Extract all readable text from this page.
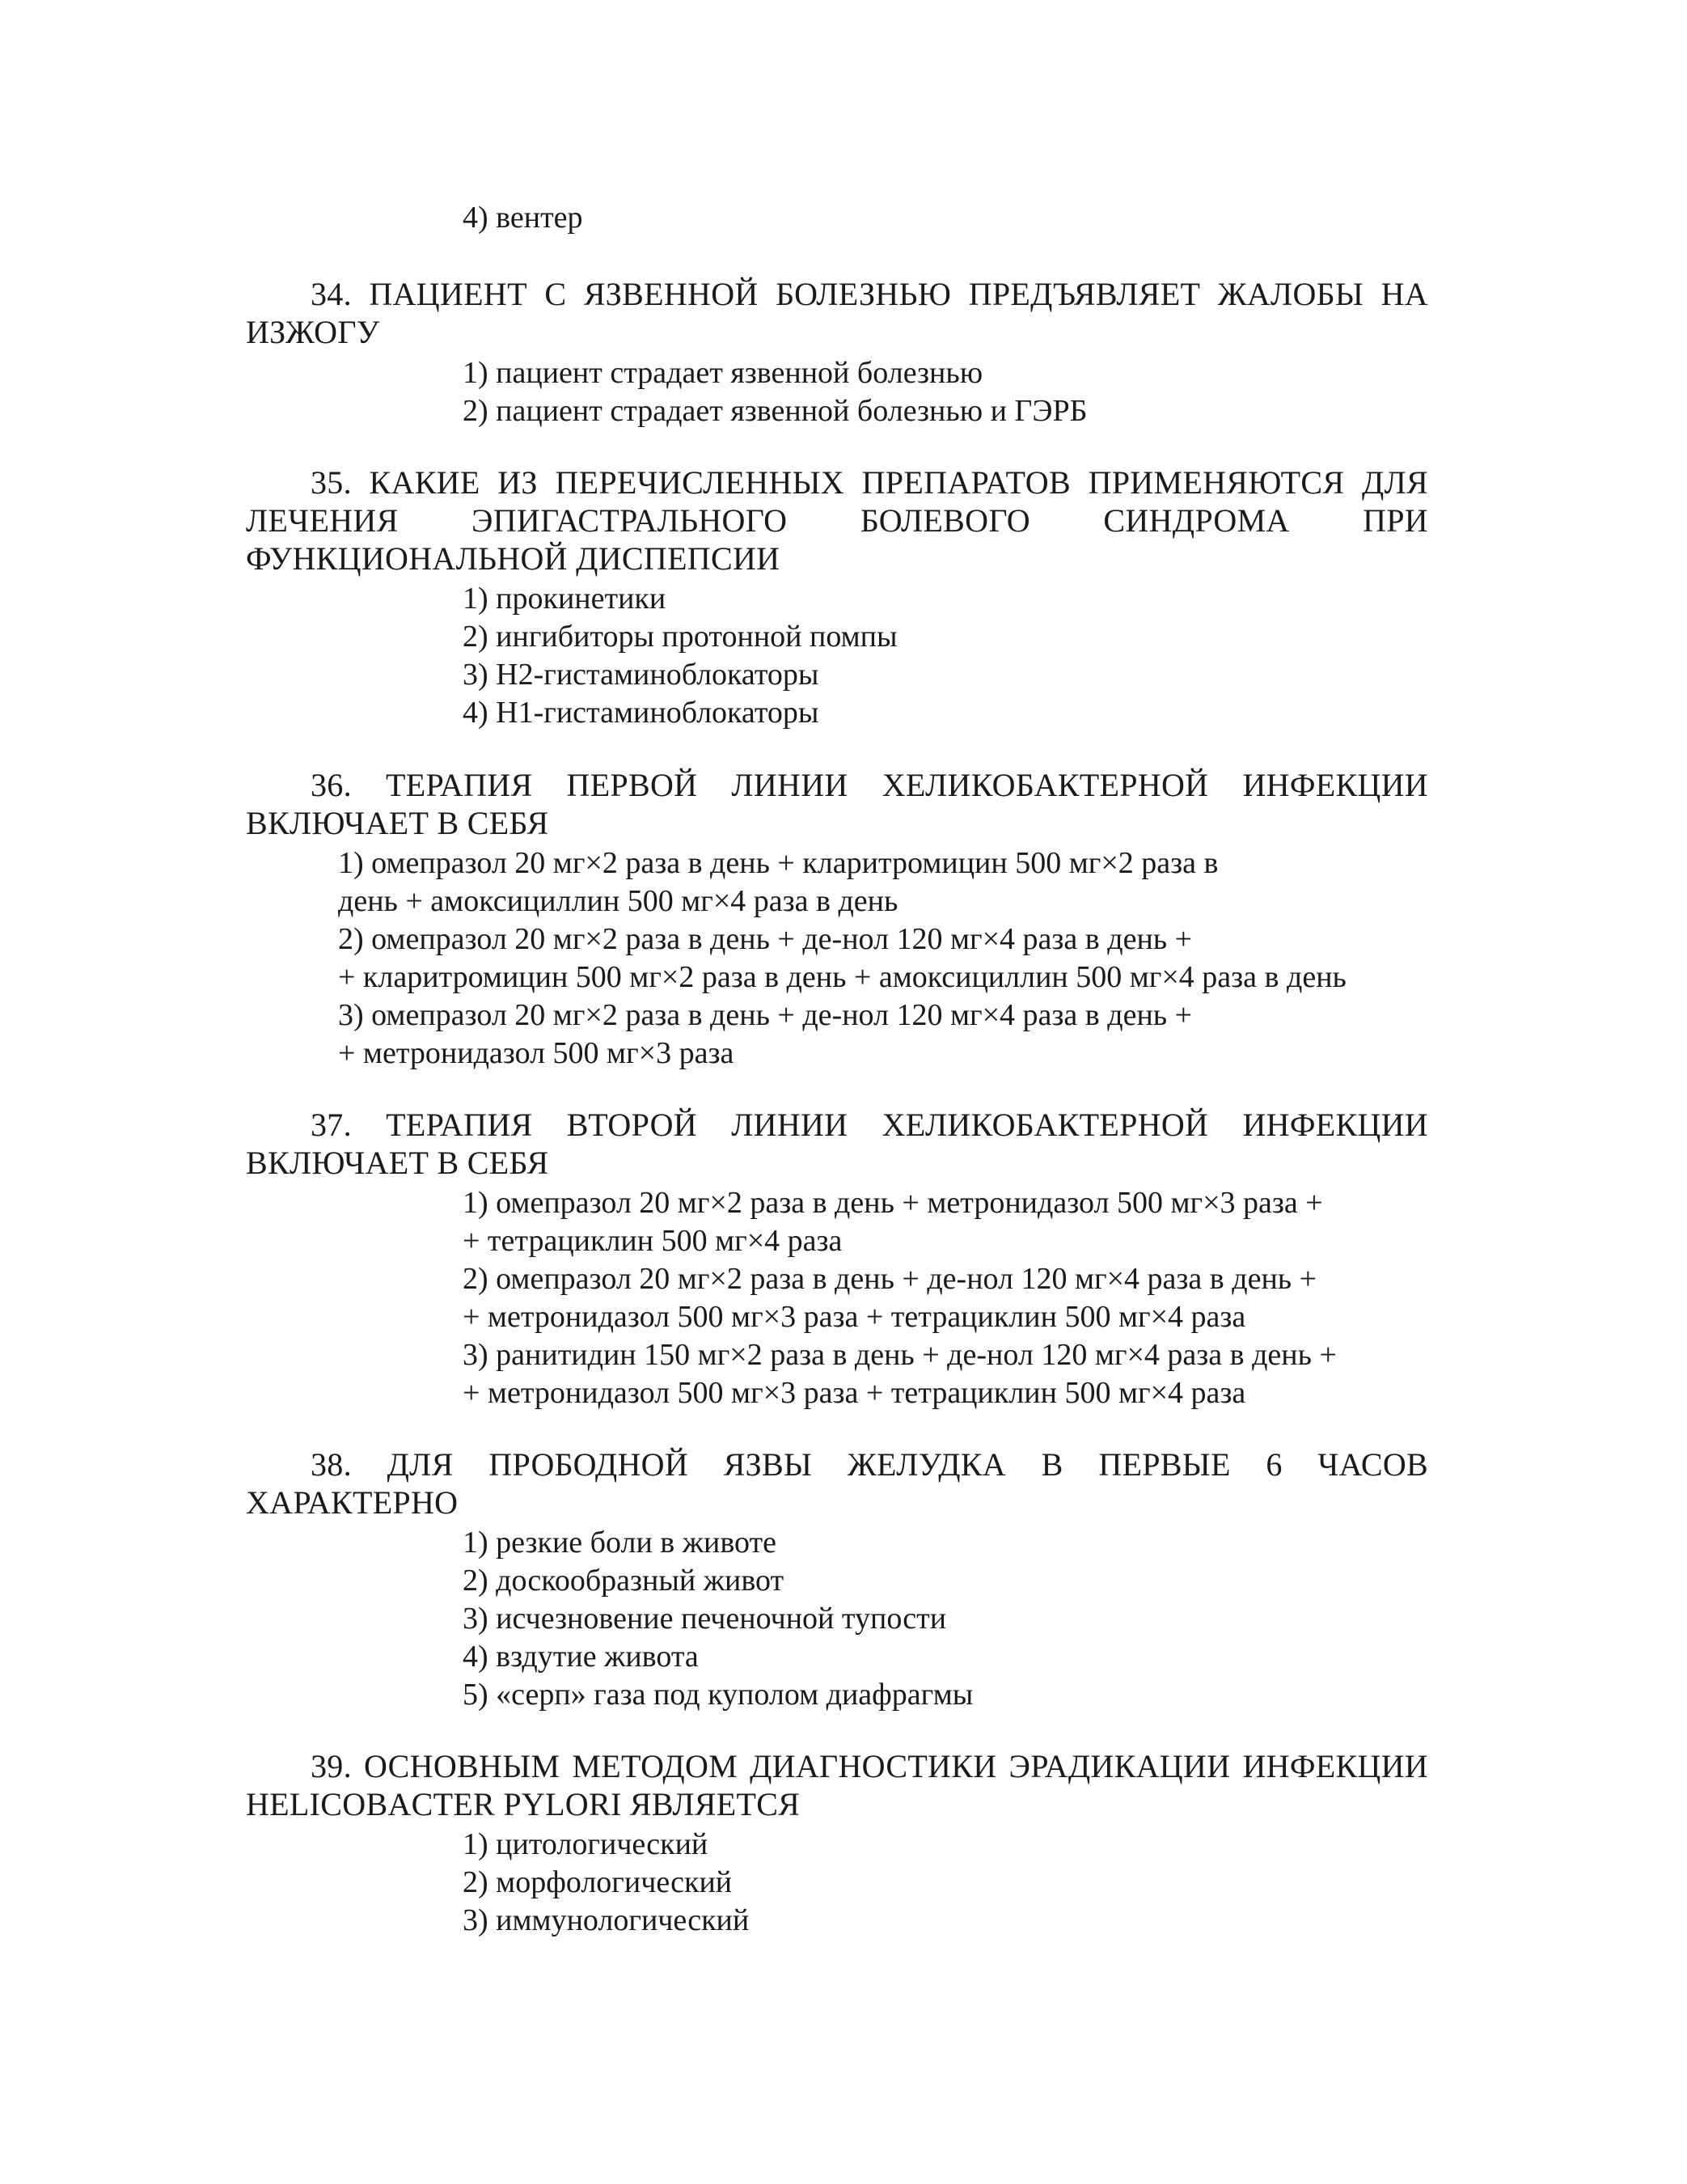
4) вентер
34. ПАЦИЕНТ С ЯЗВЕННОЙ БОЛЕЗНЬЮ ПРЕДЪЯВЛЯЕТ ЖАЛОБЫ НА ИЗЖОГУ
1) пациент страдает язвенной болезнью
2) пациент страдает язвенной болезнью и ГЭРБ
35. КАКИЕ ИЗ ПЕРЕЧИСЛЕННЫХ ПРЕПАРАТОВ ПРИМЕНЯЮТСЯ ДЛЯ ЛЕЧЕНИЯ ЭПИГАСТРАЛЬНОГО БОЛЕВОГО СИНДРОМА ПРИ ФУНКЦИОНАЛЬНОЙ ДИСПЕПСИИ
1) прокинетики
2) ингибиторы протонной помпы
3) Н2-гистаминоблокаторы
4) Н1-гистаминоблокаторы
36. ТЕРАПИЯ ПЕРВОЙ ЛИНИИ ХЕЛИКОБАКТЕРНОЙ ИНФЕКЦИИ ВКЛЮЧАЕТ В СЕБЯ
1) омепразол 20 мг×2 раза в день + кларитромицин 500 мг×2 раза в
день + амоксициллин 500 мг×4 раза в день
2) омепразол 20 мг×2 раза в день + де-нол 120 мг×4 раза в день +
+ кларитромицин 500 мг×2 раза в день + амоксициллин 500 мг×4 раза в день
3) омепразол 20 мг×2 раза в день + де-нол 120 мг×4 раза в день +
+ метронидазол 500 мг×3 раза
37. ТЕРАПИЯ ВТОРОЙ ЛИНИИ ХЕЛИКОБАКТЕРНОЙ ИНФЕКЦИИ ВКЛЮЧАЕТ В СЕБЯ
1) омепразол 20 мг×2 раза в день + метронидазол 500 мг×3 раза +
+ тетрациклин 500 мг×4 раза
2) омепразол 20 мг×2 раза в день + де-нол 120 мг×4 раза в день +
+ метронидазол 500 мг×3 раза + тетрациклин 500 мг×4 раза
3) ранитидин 150 мг×2 раза в день + де-нол 120 мг×4 раза в день +
+ метронидазол 500 мг×3 раза + тетрациклин 500 мг×4 раза
38. ДЛЯ ПРОБОДНОЙ ЯЗВЫ ЖЕЛУДКА В ПЕРВЫЕ 6 ЧАСОВ ХАРАКТЕРНО
1) резкие боли в животе
2) доскообразный живот
3) исчезновение печеночной тупости
4) вздутие живота
5) «серп» газа под куполом диафрагмы
39. ОСНОВНЫМ МЕТОДОМ ДИАГНОСТИКИ ЭРАДИКАЦИИ ИНФЕКЦИИ HELICOBACTER PYLORI ЯВЛЯЕТСЯ
1) цитологический
2) морфологический
3) иммунологический
